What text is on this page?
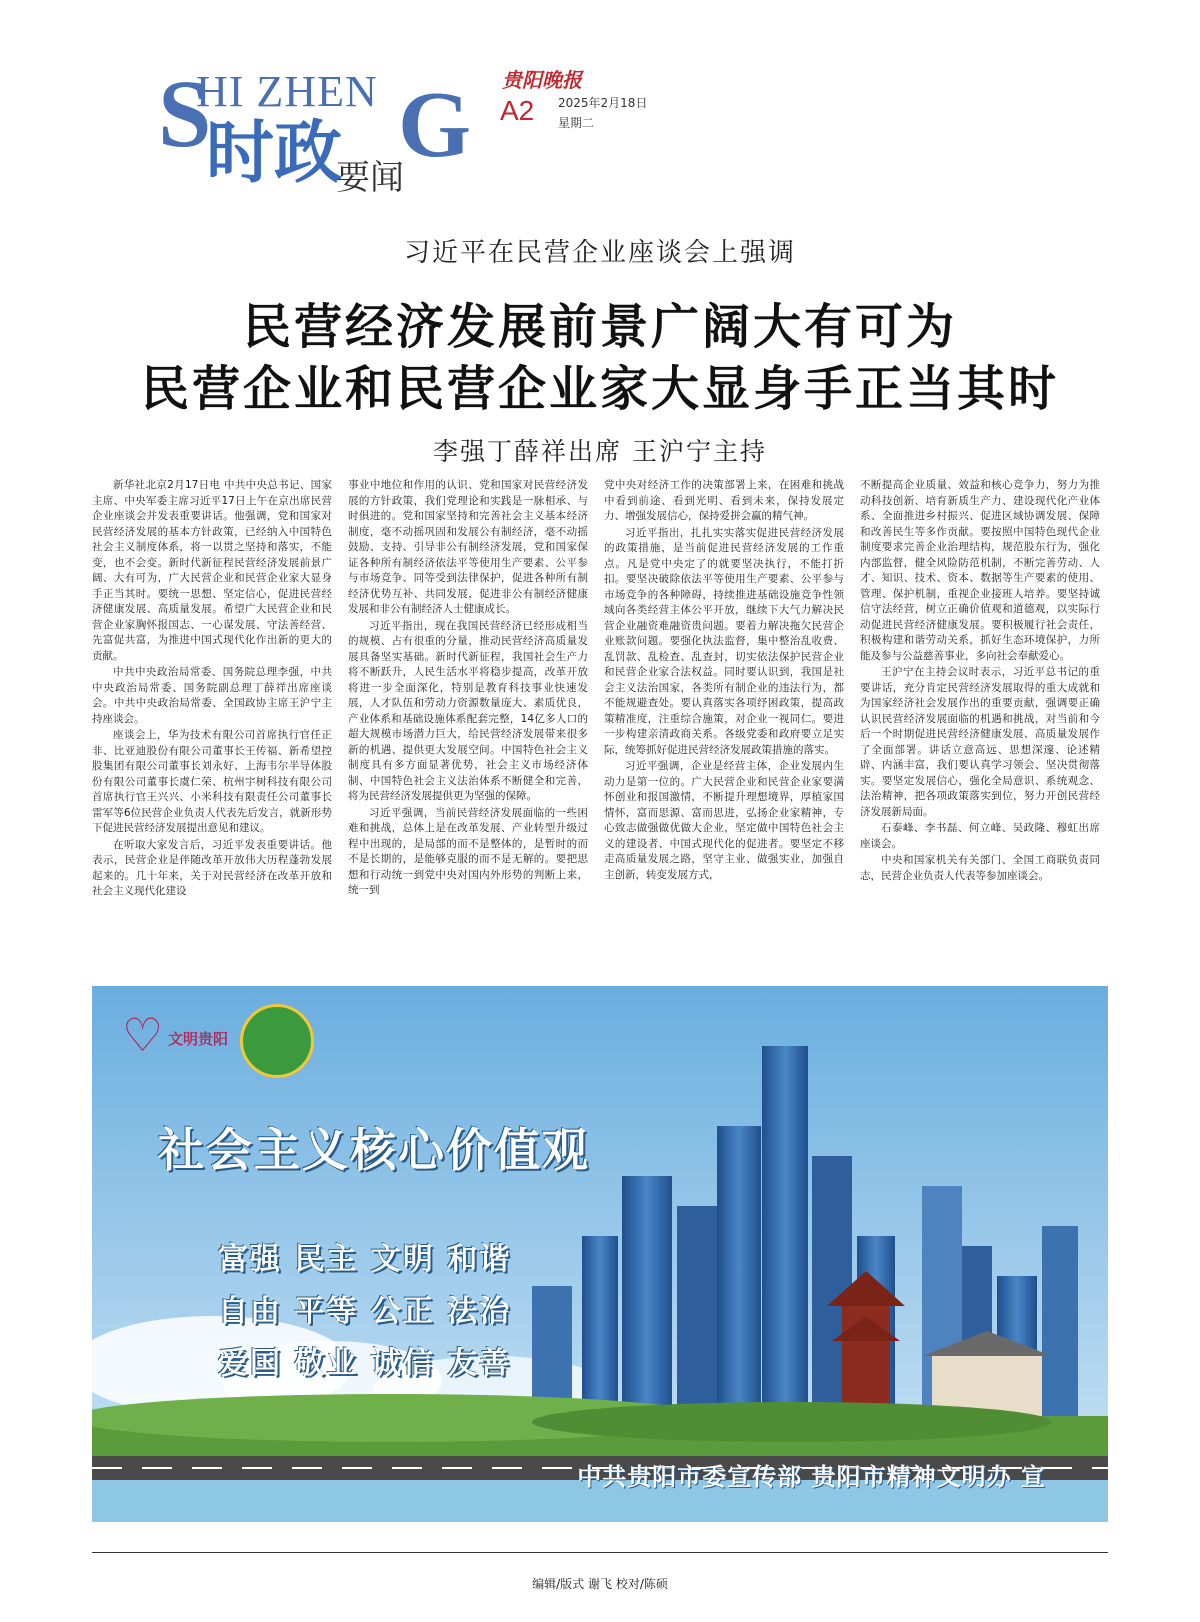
S
HI ZHEN G
时政
要闻
贵阳晚报
A2 2025年2月18日
星期二
习近平在民营企业座谈会上强调
民营经济发展前景广阔大有可为
民营企业和民营企业家大显身手正当其时
李强丁薛祥出席 王沪宁主持

新华社北京2月17日电 中共中央总书记、国家主席、中央军委主席习近平17日上午在京出席民营企业座谈会并发表重要讲话。他强调，党和国家对民营经济发展的基本方针政策，已经纳入中国特色社会主义制度体系，将一以贯之坚持和落实，不能变，也不会变。新时代新征程民营经济发展前景广阔、大有可为，广大民营企业和民营企业家大显身手正当其时。要统一思想、坚定信心，促进民营经济健康发展、高质量发展。希望广大民营企业和民营企业家胸怀报国志、一心谋发展、守法善经营、先富促共富，为推进中国式现代化作出新的更大的贡献。

中共中央政治局常委、国务院总理李强，中共中央政治局常委、国务院副总理丁薛祥出席座谈会。中共中央政治局常委、全国政协主席王沪宁主持座谈会。

座谈会上，华为技术有限公司首席执行官任正非、比亚迪股份有限公司董事长王传福、新希望控股集团有限公司董事长刘永好、上海韦尔半导体股份有限公司董事长虞仁荣、杭州宇树科技有限公司首席执行官王兴兴、小米科技有限责任公司董事长雷军等6位民营企业负责人代表先后发言，就新形势下促进民营经济发展提出意见和建议。

在听取大家发言后，习近平发表重要讲话。他表示，民营企业是伴随改革开放伟大历程蓬勃发展起来的。几十年来，关于对民营经济在改革开放和社会主义现代化建设

事业中地位和作用的认识、党和国家对民营经济发展的方针政策，我们党理论和实践是一脉相承、与时俱进的。党和国家坚持和完善社会主义基本经济制度，毫不动摇巩固和发展公有制经济，毫不动摇鼓励、支持、引导非公有制经济发展，党和国家保证各种所有制经济依法平等使用生产要素、公平参与市场竞争、同等受到法律保护，促进各种所有制经济优势互补、共同发展，促进非公有制经济健康发展和非公有制经济人士健康成长。

习近平指出，现在我国民营经济已经形成相当的规模、占有很重的分量，推动民营经济高质量发展具备坚实基础。新时代新征程，我国社会生产力将不断跃升，人民生活水平将稳步提高，改革开放将进一步全面深化，特别是教育科技事业快速发展，人才队伍和劳动力资源数量庞大、素质优良，产业体系和基础设施体系配套完整，14亿多人口的超大规模市场潜力巨大，给民营经济发展带来很多新的机遇、提供更大发展空间。中国特色社会主义制度具有多方面显著优势，社会主义市场经济体制、中国特色社会主义法治体系不断健全和完善，将为民营经济发展提供更为坚强的保障。

习近平强调，当前民营经济发展面临的一些困难和挑战，总体上是在改革发展、产业转型升级过程中出现的，是局部的而不是整体的，是暂时的而不是长期的，是能够克服的而不是无解的。要把思想和行动统一到党中央对国内外形势的判断上来，统一到

党中央对经济工作的决策部署上来，在困难和挑战中看到前途、看到光明、看到未来，保持发展定力、增强发展信心，保持爱拼会赢的精气神。

习近平指出，扎扎实实落实促进民营经济发展的政策措施，是当前促进民营经济发展的工作重点。凡是党中央定了的就要坚决执行，不能打折扣。要坚决破除依法平等使用生产要素、公平参与市场竞争的各种障碍，持续推进基础设施竞争性领域向各类经营主体公平开放，继续下大气力解决民营企业融资难融资贵问题。要着力解决拖欠民营企业账款问题。要强化执法监督，集中整治乱收费、乱罚款、乱检查、乱查封，切实依法保护民营企业和民营企业家合法权益。同时要认识到，我国是社会主义法治国家，各类所有制企业的违法行为，都不能规避查处。要认真落实各项纾困政策，提高政策精准度，注重综合施策，对企业一视同仁。要进一步构建亲清政商关系。各级党委和政府要立足实际，统筹抓好促进民营经济发展政策措施的落实。

习近平强调，企业是经营主体，企业发展内生动力是第一位的。广大民营企业和民营企业家要满怀创业和报国激情，不断提升理想境界，厚植家国情怀，富而思源、富而思进，弘扬企业家精神，专心致志做强做优做大企业，坚定做中国特色社会主义的建设者、中国式现代化的促进者。要坚定不移走高质量发展之路，坚守主业、做强实业，加强自主创新，转变发展方式，

不断提高企业质量、效益和核心竞争力，努力为推动科技创新、培育新质生产力、建设现代化产业体系、全面推进乡村振兴、促进区域协调发展、保障和改善民生等多作贡献。要按照中国特色现代企业制度要求完善企业治理结构，规范股东行为，强化内部监督，健全风险防范机制，不断完善劳动、人才、知识、技术、资本、数据等生产要素的使用、管理、保护机制，重视企业接班人培养。要坚持诚信守法经营，树立正确价值观和道德观，以实际行动促进民营经济健康发展。要积极履行社会责任，积极构建和谐劳动关系，抓好生态环境保护，力所能及参与公益慈善事业，多向社会奉献爱心。

王沪宁在主持会议时表示，习近平总书记的重要讲话，充分肯定民营经济发展取得的重大成就和为国家经济社会发展作出的重要贡献，强调要正确认识民营经济发展面临的机遇和挑战，对当前和今后一个时期促进民营经济健康发展、高质量发展作了全面部署。讲话立意高远、思想深邃、论述精辟、内涵丰富，我们要认真学习领会、坚决贯彻落实。要坚定发展信心，强化全局意识、系统观念、法治精神，把各项政策落实到位，努力开创民营经济发展新局面。

石泰峰、李书磊、何立峰、吴政隆、穆虹出席座谈会。

中央和国家机关有关部门、全国工商联负责同志，民营企业负责人代表等参加座谈会。

♡ 文明贵阳
社会主义核心价值观
富强 民主 文明 和谐
自由 平等 公正 法治
爱国 敬业 诚信 友善
中共贵阳市委宣传部 贵阳市精神文明办 宣
编辑/版式 谢飞 校对/陈硕
